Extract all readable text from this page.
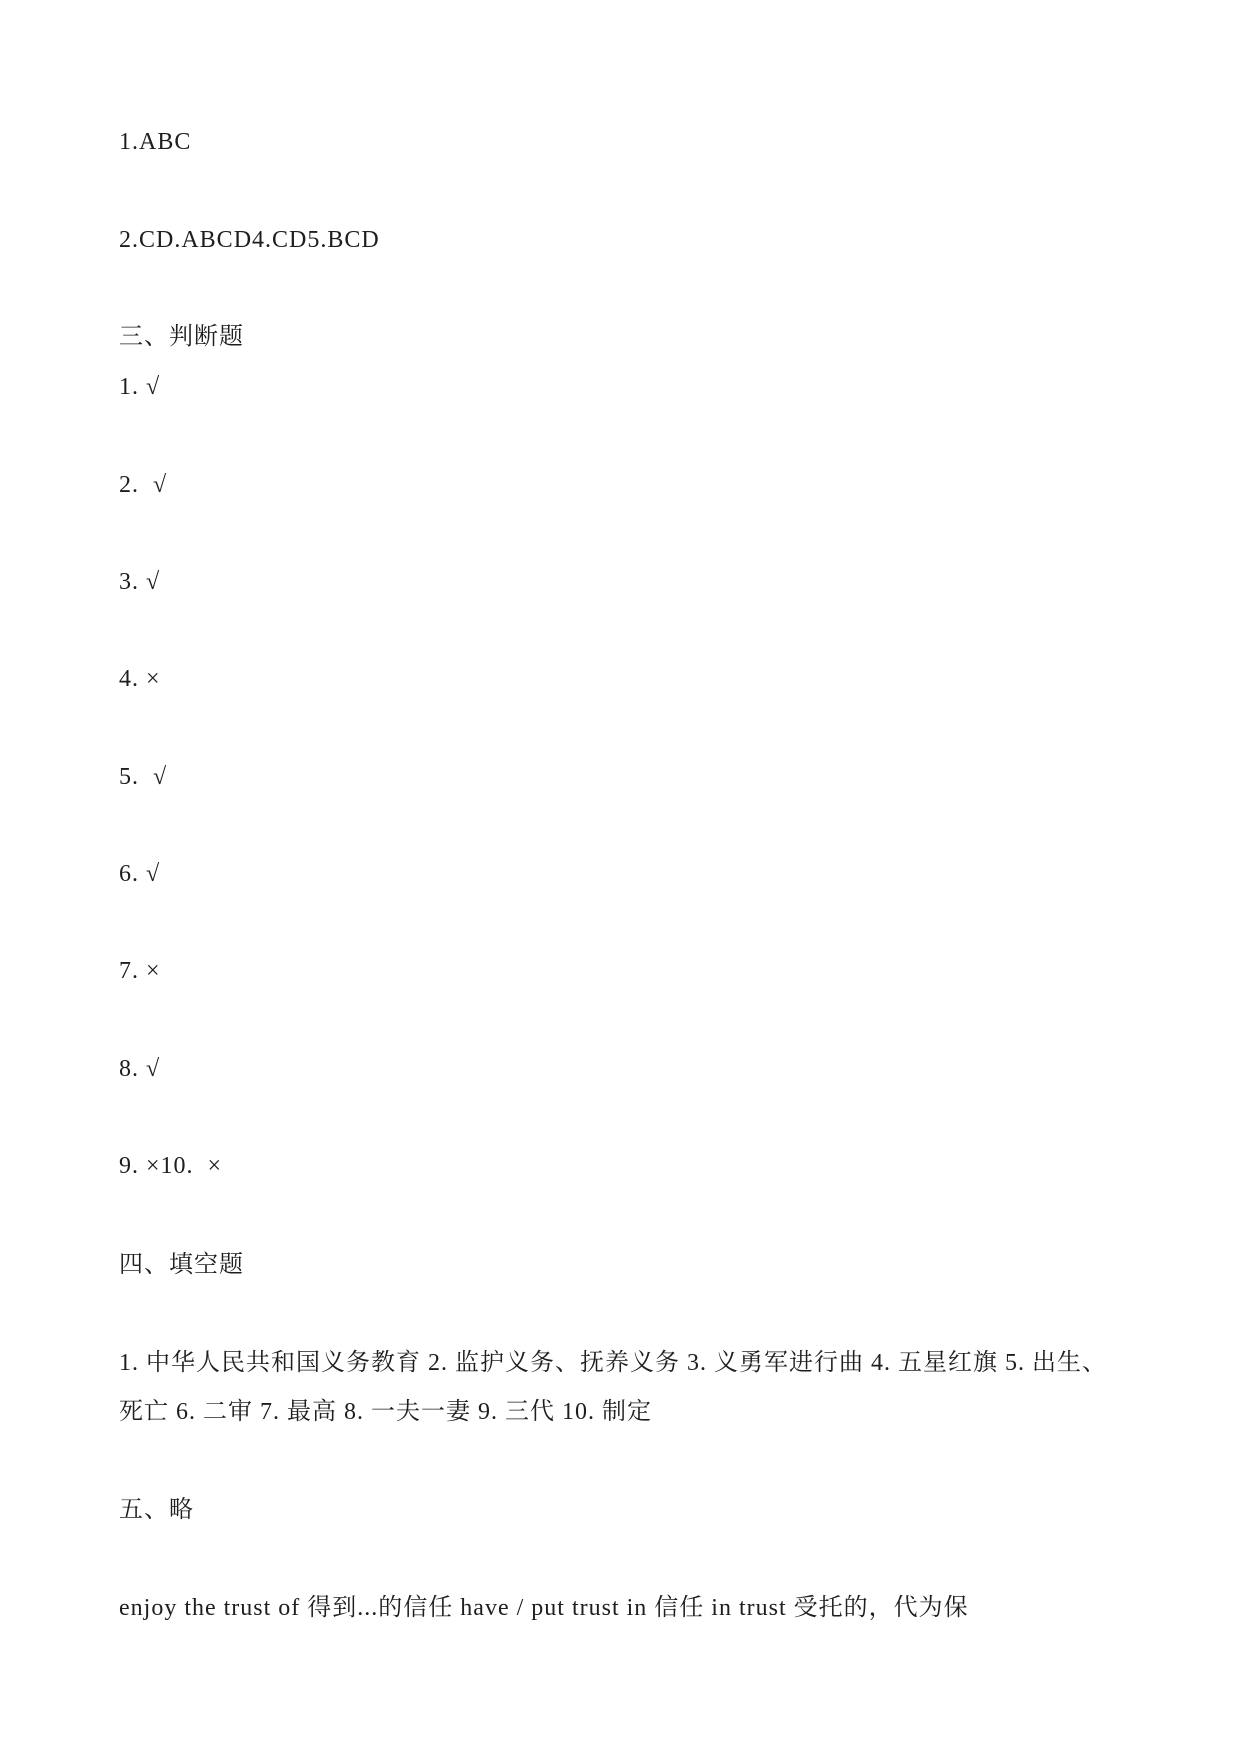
1.ABC
2.CD.ABCD4.CD5.BCD
三、判断题
1. √
2.  √
3. √
4. ×
5.  √
6. √
7. ×
8. √
9. ×10.  ×
四、填空题
1. 中华人民共和国义务教育 2. 监护义务、抚养义务 3. 义勇军进行曲 4. 五星红旗 5. 出生、
死亡 6. 二审 7. 最高 8. 一夫一妻 9. 三代 10. 制定
五、略
enjoy the trust of 得到...的信任 have / put trust in 信任 in trust 受托的，代为保
